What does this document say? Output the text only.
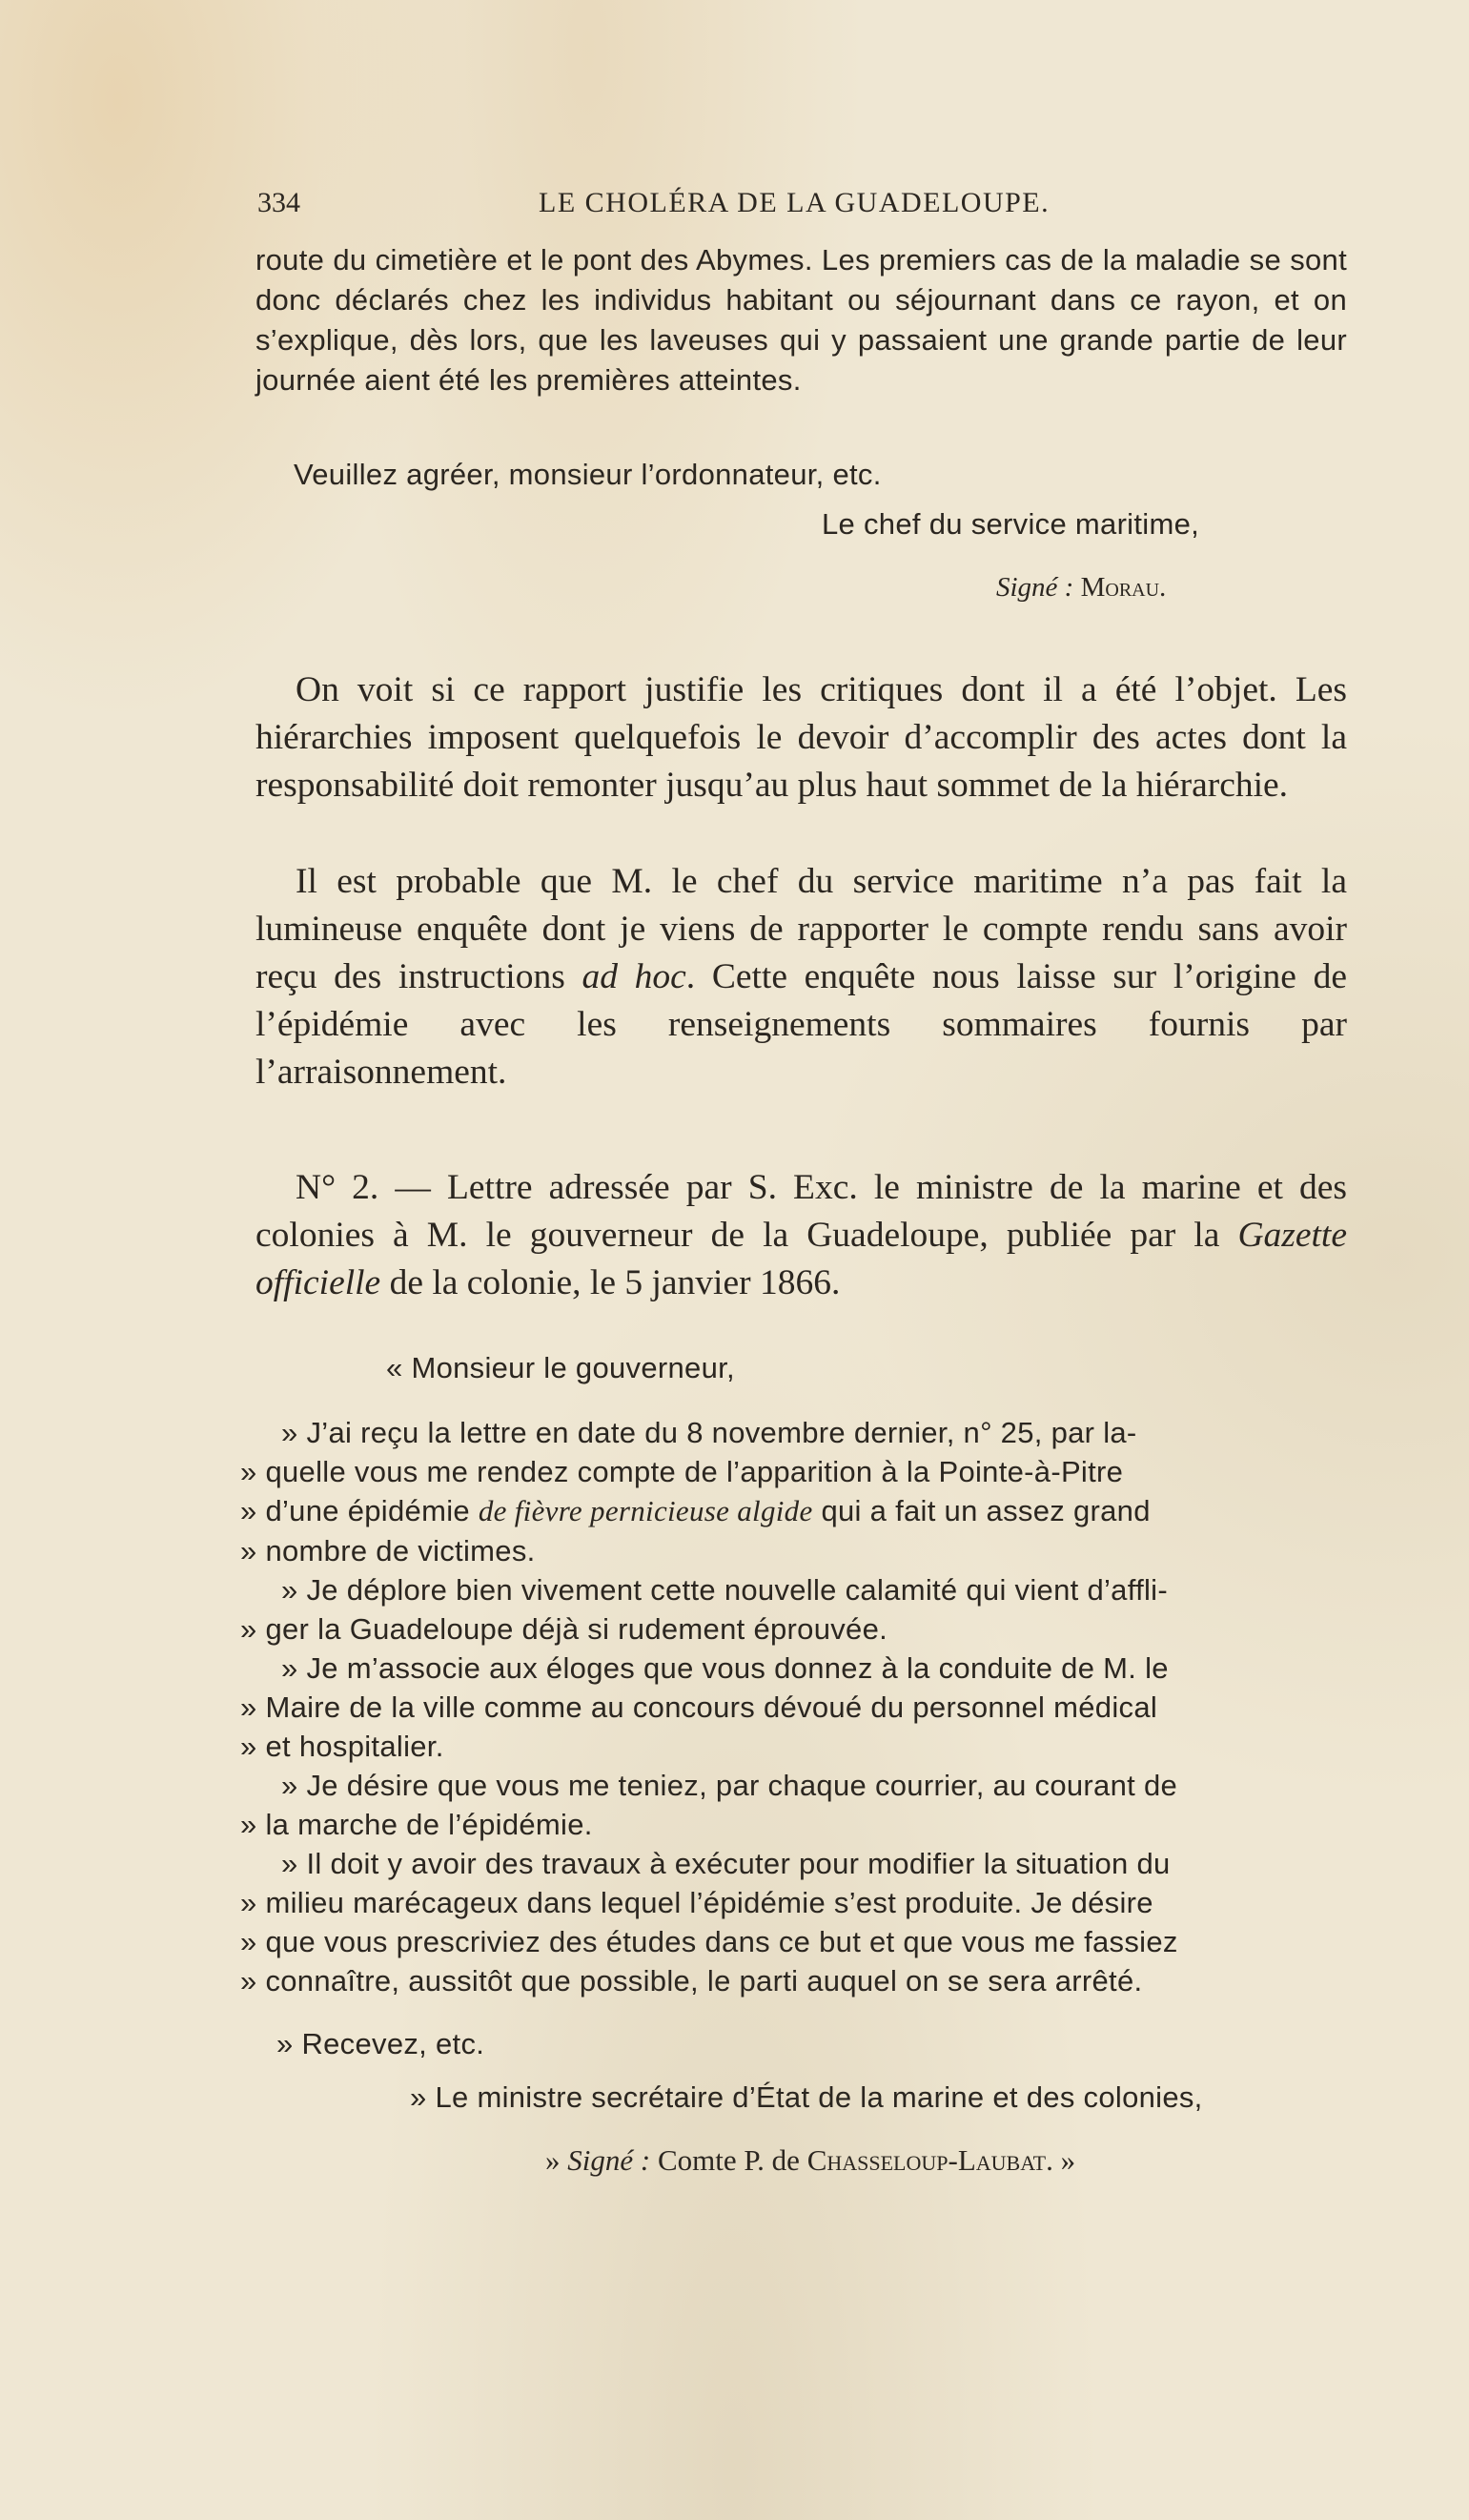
334	LE CHOLÉRA DE LA GUADELOUPE.
route du cimetière et le pont des Abymes. Les premiers cas de la maladie se sont donc déclarés chez les individus habitant ou séjournant dans ce rayon, et on s’explique, dès lors, que les laveuses qui y passaient une grande partie de leur journée aient été les premières atteintes.
Veuillez agréer, monsieur l’ordonnateur, etc.
Le chef du service maritime,
Signé : Morau.
On voit si ce rapport justifie les critiques dont il a été l’objet. Les hiérarchies imposent quelquefois le devoir d’accomplir des actes dont la responsabilité doit remonter jusqu’au plus haut sommet de la hiérarchie.
Il est probable que M. le chef du service maritime n’a pas fait la lumineuse enquête dont je viens de rapporter le compte rendu sans avoir reçu des instructions ad hoc. Cette enquête nous laisse sur l’origine de l’épidémie avec les renseignements sommaires fournis par l’arraisonnement.
N° 2. — Lettre adressée par S. Exc. le ministre de la marine et des colonies à M. le gouverneur de la Guadeloupe, publiée par la Gazette officielle de la colonie, le 5 janvier 1866.
« Monsieur le gouverneur,
» J’ai reçu la lettre en date du 8 novembre dernier, n° 25, par la-
» quelle vous me rendez compte de l’apparition à la Pointe-à-Pitre
» d’une épidémie de fièvre pernicieuse algide qui a fait un assez grand
» nombre de victimes.
» Je déplore bien vivement cette nouvelle calamité qui vient d’affli-
» ger la Guadeloupe déjà si rudement éprouvée.
» Je m’associe aux éloges que vous donnez à la conduite de M. le
» Maire de la ville comme au concours dévoué du personnel médical
» et hospitalier.
» Je désire que vous me teniez, par chaque courrier, au courant de
» la marche de l’épidémie.
» Il doit y avoir des travaux à exécuter pour modifier la situation du
» milieu marécageux dans lequel l’épidémie s’est produite. Je désire
» que vous prescriviez des études dans ce but et que vous me fassiez
» connaître, aussitôt que possible, le parti auquel on se sera arrêté.
» Recevez, etc.
» Le ministre secrétaire d’État de la marine et des colonies,
» Signé : Comte P. de Chasseloup-Laubat. »
